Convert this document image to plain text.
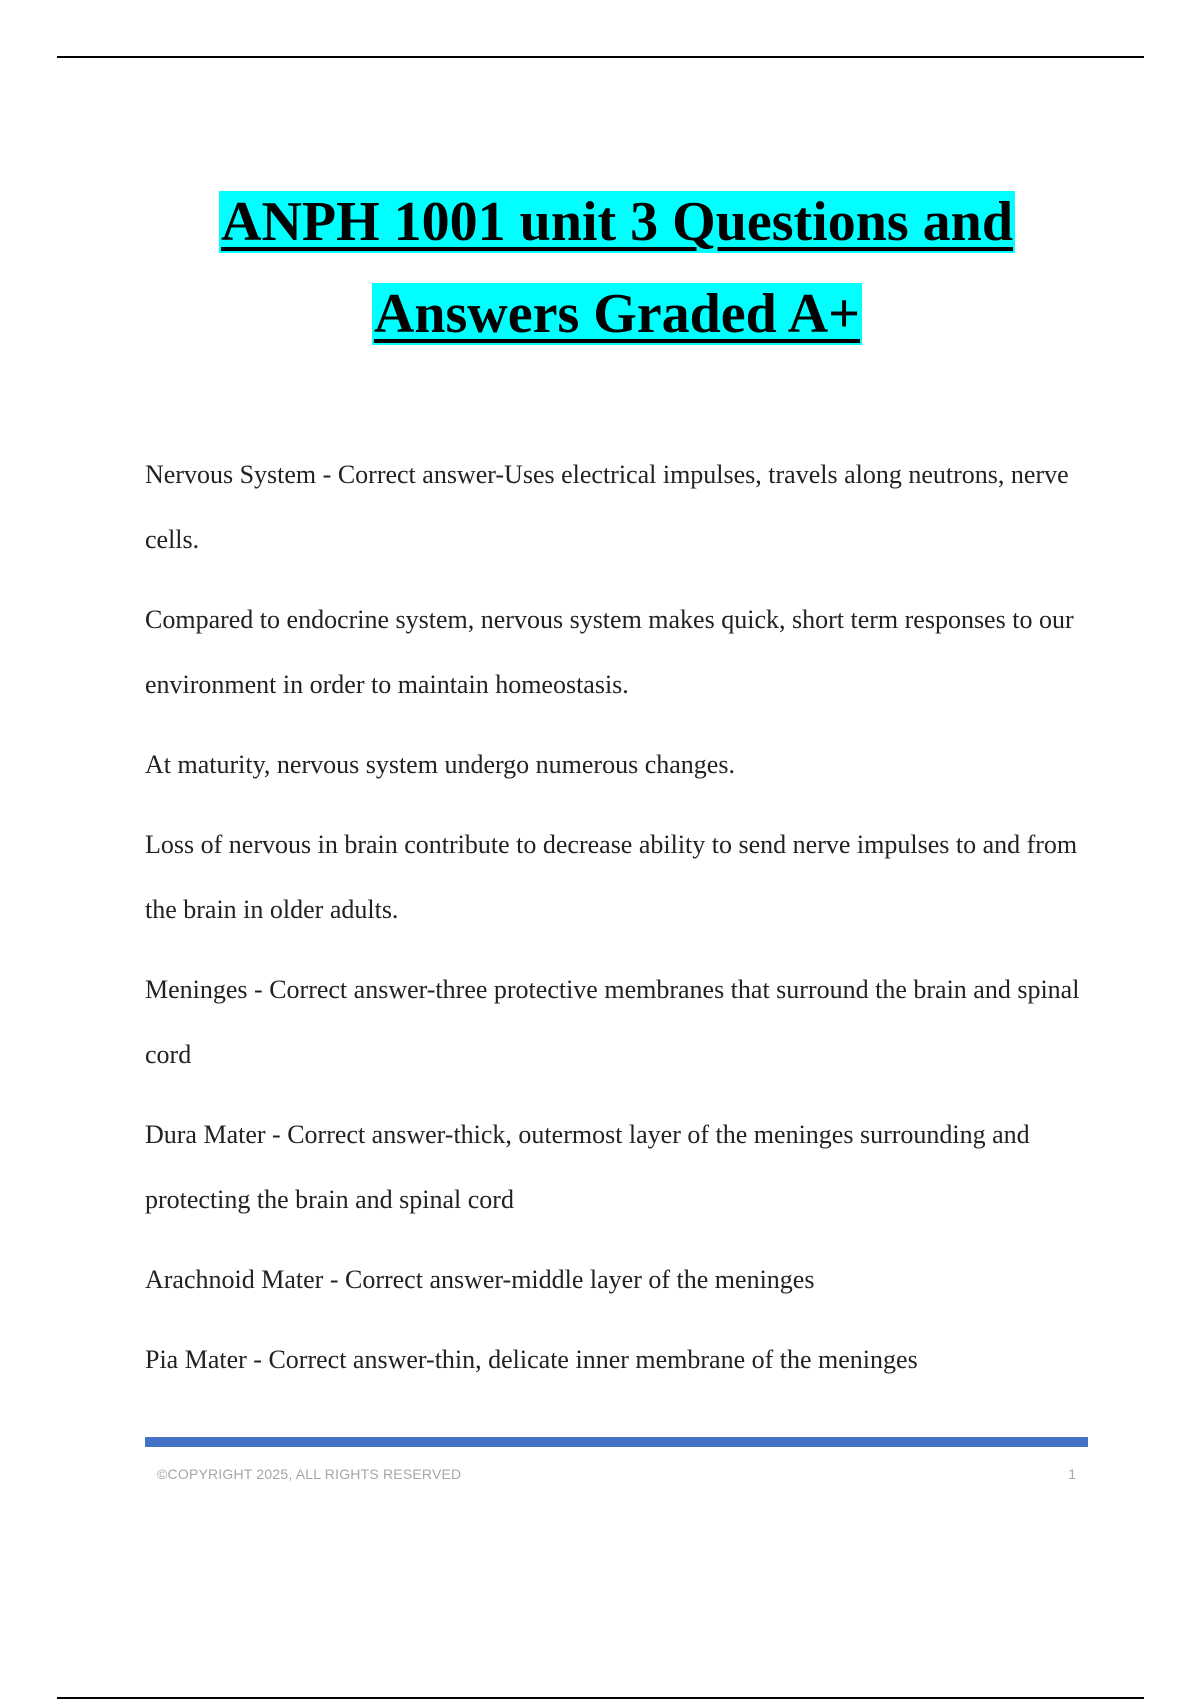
ANPH 1001 unit 3 Questions and
Answers Graded A+

Nervous System - Correct answer-Uses electrical impulses, travels along neutrons, nerve cells.

Compared to endocrine system, nervous system makes quick, short term responses to our environment in order to maintain homeostasis.

At maturity, nervous system undergo numerous changes.

Loss of nervous in brain contribute to decrease ability to send nerve impulses to and from the brain in older adults.

Meninges - Correct answer-three protective membranes that surround the brain and spinal cord

Dura Mater - Correct answer-thick, outermost layer of the meninges surrounding and protecting the brain and spinal cord

Arachnoid Mater - Correct answer-middle layer of the meninges

Pia Mater - Correct answer-thin, delicate inner membrane of the meninges

©COPYRIGHT 2025, ALL RIGHTS RESERVED	1
